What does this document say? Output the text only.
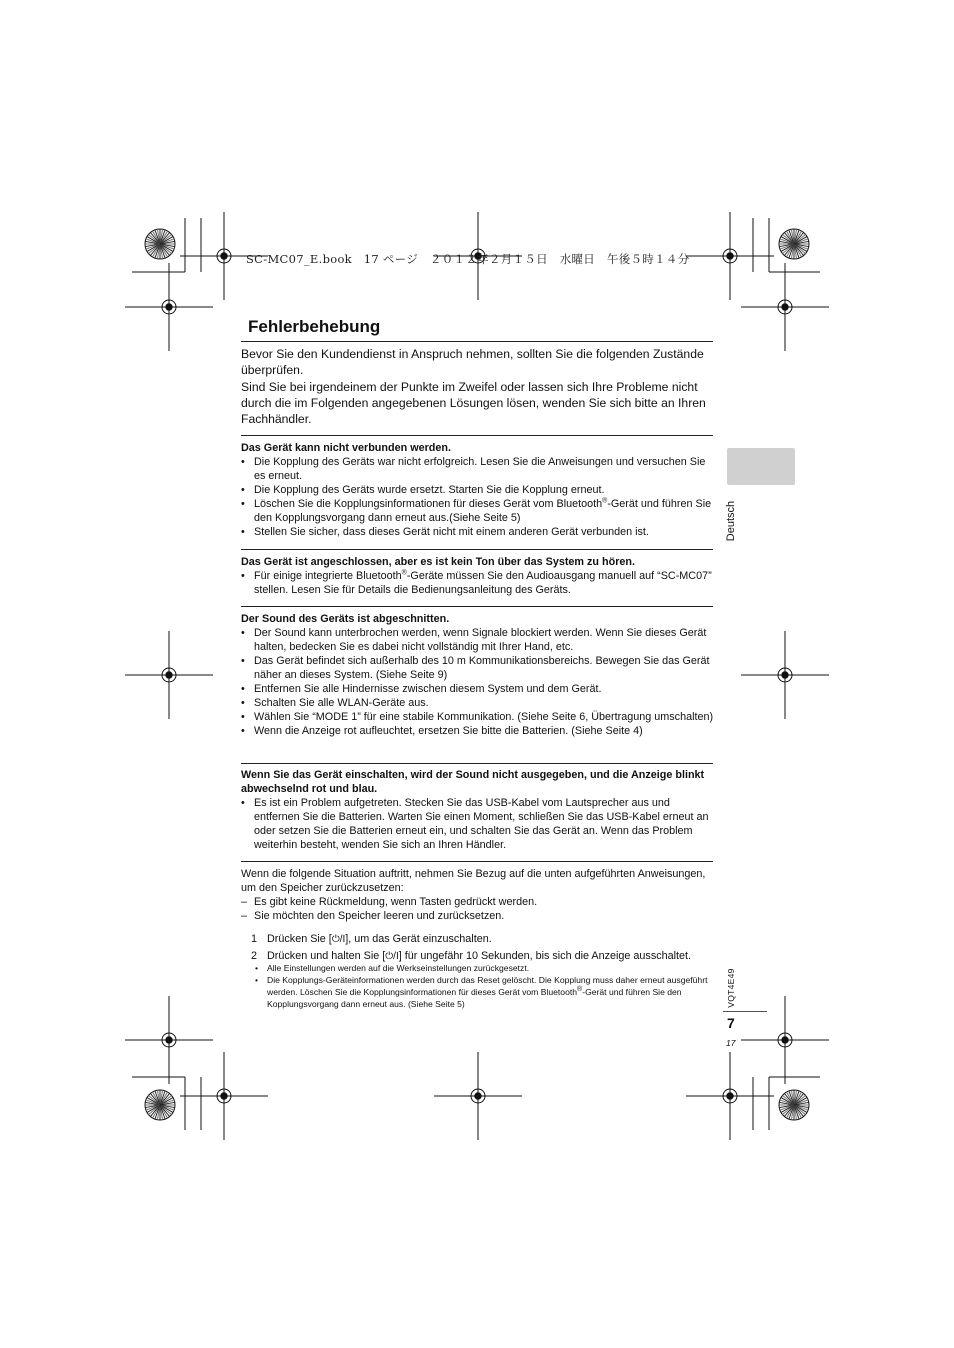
SC-MC07_E.book　17 ページ　２０１２年２月１５日　水曜日　午後５時１４分
Fehlerbehebung

Bevor Sie den Kundendienst in Anspruch nehmen, sollten Sie die folgenden Zustände überprüfen.

Sind Sie bei irgendeinem der Punkte im Zweifel oder lassen sich Ihre Probleme nicht durch die im Folgenden angegebenen Lösungen lösen, wenden Sie sich bitte an Ihren Fachhändler.

Das Gerät kann nicht verbunden werden.
• Die Kopplung des Geräts war nicht erfolgreich. Lesen Sie die Anweisungen und versuchen Sie es erneut.
• Die Kopplung des Geräts wurde ersetzt. Starten Sie die Kopplung erneut.
• Löschen Sie die Kopplungsinformationen für dieses Gerät vom Bluetooth®-Gerät und führen Sie den Kopplungsvorgang dann erneut aus.(Siehe Seite 5)
• Stellen Sie sicher, dass dieses Gerät nicht mit einem anderen Gerät verbunden ist.
Das Gerät ist angeschlossen, aber es ist kein Ton über das System zu hören.
• Für einige integrierte Bluetooth®-Geräte müssen Sie den Audioausgang manuell auf “SC-MC07” stellen. Lesen Sie für Details die Bedienungsanleitung des Geräts.
Der Sound des Geräts ist abgeschnitten.
• Der Sound kann unterbrochen werden, wenn Signale blockiert werden. Wenn Sie dieses Gerät halten, bedecken Sie es dabei nicht vollständig mit Ihrer Hand, etc.
• Das Gerät befindet sich außerhalb des 10 m Kommunikationsbereichs. Bewegen Sie das Gerät näher an dieses System. (Siehe Seite 9)
• Entfernen Sie alle Hindernisse zwischen diesem System und dem Gerät.
• Schalten Sie alle WLAN-Geräte aus.
• Wählen Sie “MODE 1” für eine stabile Kommunikation. (Siehe Seite 6, Übertragung umschalten)
• Wenn die Anzeige rot aufleuchtet, ersetzen Sie bitte die Batterien. (Siehe Seite 4)
Wenn Sie das Gerät einschalten, wird der Sound nicht ausgegeben, und die Anzeige blinkt abwechselnd rot und blau.
• Es ist ein Problem aufgetreten. Stecken Sie das USB-Kabel vom Lautsprecher aus und entfernen Sie die Batterien. Warten Sie einen Moment, schließen Sie das USB-Kabel erneut an oder setzen Sie die Batterien erneut ein, und schalten Sie das Gerät an. Wenn das Problem weiterhin besteht, wenden Sie sich an Ihren Händler.

Wenn die folgende Situation auftritt, nehmen Sie Bezug auf die unten aufgeführten Anweisungen, um den Speicher zurückzusetzen:

– Es gibt keine Rückmeldung, wenn Tasten gedrückt werden.
– Sie möchten den Speicher leeren und zurücksetzen.
1 Drücken Sie [⏻/I], um das Gerät einzuschalten.
2 Drücken und halten Sie [⏻/I] für ungefähr 10 Sekunden, bis sich die Anzeige ausschaltet.
• Alle Einstellungen werden auf die Werkseinstellungen zurückgesetzt.
• Die Kopplungs-Geräteinformationen werden durch das Reset gelöscht. Die Kopplung muss daher erneut ausgeführt werden. Löschen Sie die Kopplungsinformationen für dieses Gerät vom Bluetooth®-Gerät und führen Sie den Kopplungsvorgang dann erneut aus. (Siehe Seite 5)
Deutsch
VQT4E49
7
17
